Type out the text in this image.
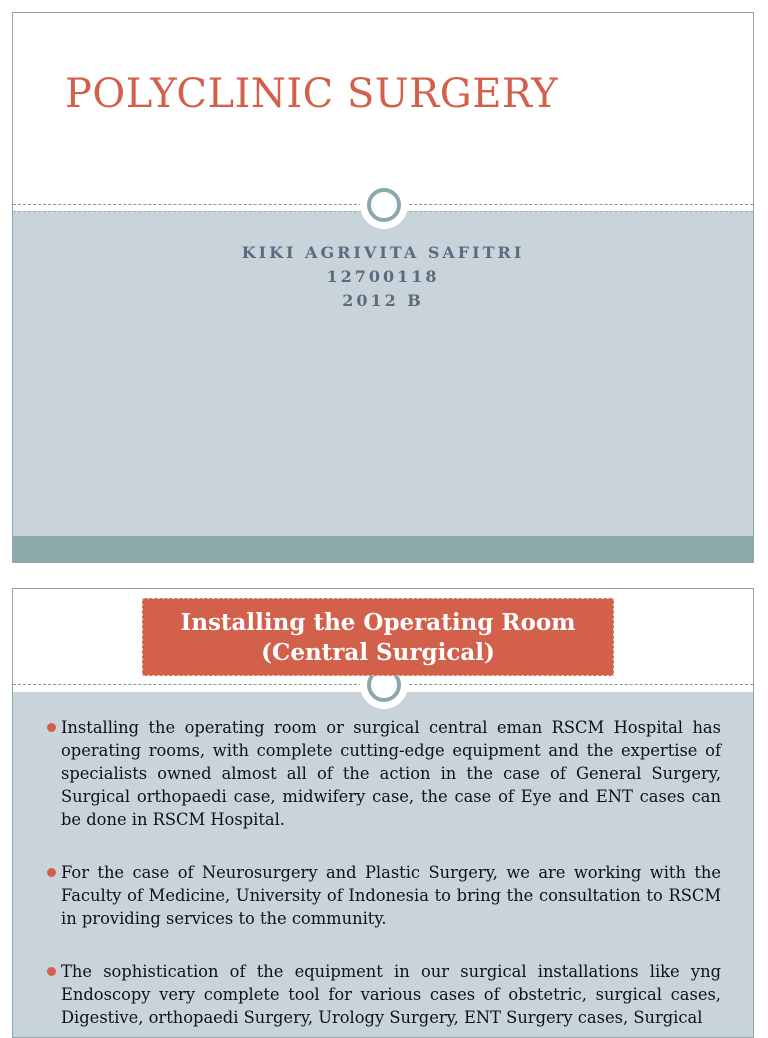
POLYCLINIC SURGERY
KIKI AGRIVITA SAFITRI
12700118
2012 B
Installing the Operating Room
(Central Surgical)
Installing the operating room or surgical central eman RSCM Hospital has operating rooms, with complete cutting-edge equipment and the expertise of specialists owned almost all of the action in the case of General Surgery, Surgical orthopaedi case, midwifery case, the case of Eye and ENT cases can be done in RSCM Hospital.
For the case of Neurosurgery and Plastic Surgery, we are working with the Faculty of Medicine, University of Indonesia to bring the consultation to RSCM in providing services to the community.
The sophistication of the equipment in our surgical installations like yng Endoscopy very complete tool for various cases of obstetric, surgical cases, Digestive, orthopaedi Surgery, Urology Surgery, ENT Surgery cases, Surgical
